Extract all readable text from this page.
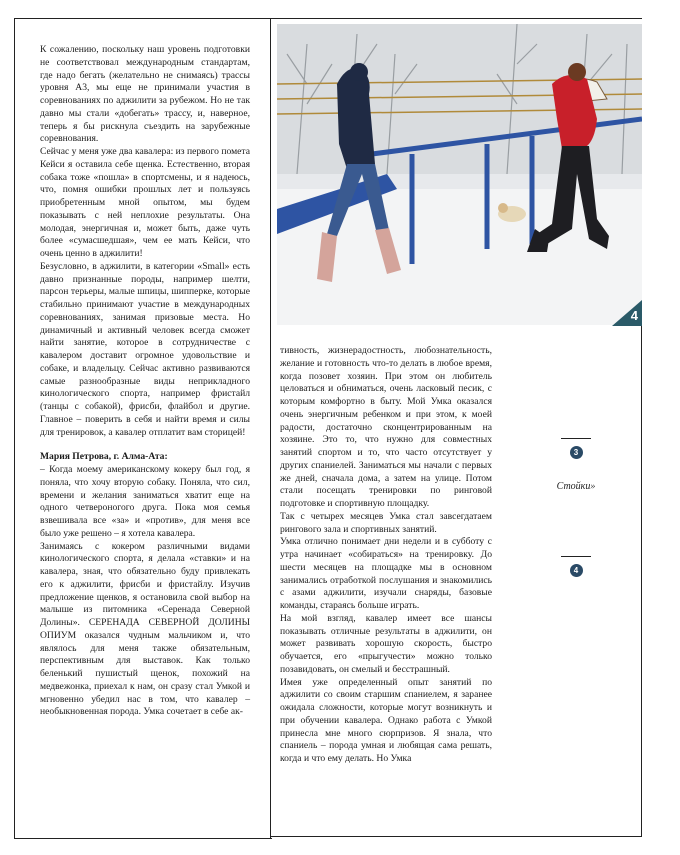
К сожалению, поскольку наш уровень подготовки не соответствовал международным стандартам, где надо бегать (желательно не снимаясь) трассы уровня А3, мы еще не принимали участия в соревнованиях по аджилити за рубежом. Но не так давно мы стали «добегать» трассу, и, наверное, теперь я бы рискнула съездить на зарубежные соревнования.

Сейчас у меня уже два кавалера: из первого помета Кейси я оставила себе щенка. Естественно, вторая собака тоже «пошла» в спортсмены, и я надеюсь, что, помня ошибки прошлых лет и пользуясь приобретенным мной опытом, мы будем показывать с ней неплохие результаты. Она молодая, энергичная и, может быть, даже чуть более «сумасшедшая», чем ее мать Кейси, что очень ценно в аджилити!

Безусловно, в аджилити, в категории «Small» есть давно признанные породы, например шелти, парсон терьеры, малые шпицы, шипперке, которые стабильно принимают участие в международных соревнованиях, занимая призовые места. Но динамичный и активный человек всегда сможет найти занятие, которое в сотрудничестве с кавалером доставит огромное удовольствие и собаке, и владельцу. Сейчас активно развиваются самые разнообразные виды неприкладного кинологического спорта, например фристайл (танцы с собакой), фрисби, флайбол и другие. Главное – поверить в себя и найти время и силы для тренировок, а кавалер отплатит вам сторицей!

Мария Петрова, г. Алма-Ата:

– Когда моему американскому кокеру был год, я поняла, что хочу вторую собаку. Поняла, что сил, времени и желания заниматься хватит еще на одного четвероногого друга. Пока моя семья взвешивала все «за» и «против», для меня все было уже решено – я хотела кавалера.

Занимаясь с кокером различными видами кинологического спорта, я делала «ставки» и на кавалера, зная, что обязательно буду привлекать его к аджилити, фрисби и фристайлу. Изучив предложение щенков, я остановила свой выбор на малыше из питомника «Серенада Северной Долины». СЕРЕНАДА СЕВЕРНОЙ ДОЛИНЫ ОПИУМ оказался чудным мальчиком и, что являлось для меня также обязательным, перспективным для выставок. Как только беленький пушистый щенок, похожий на медвежонка, приехал к нам, он сразу стал Умкой и мгновенно убедил нас в том, что кавалер – необыкновенная порода. Умка сочетает в себе ак-

4

тивность, жизнерадостность, любознательность, желание и готовность что-то делать в любое время, когда позовет хозяин. При этом он любитель целоваться и обниматься, очень ласковый песик, с которым комфортно в быту. Мой Умка оказался очень энергичным ребенком и при этом, к моей радости, достаточно сконцентрированным на хозяине. Это то, что нужно для совместных занятий спортом и то, что часто отсутствует у других спаниелей. Заниматься мы начали с первых же дней, сначала дома, а затем на улице. Потом стали посещать тренировки по ринговой подготовке и спортивную площадку.

Так с четырех месяцев Умка стал завсегдатаем рингового зала и спортивных занятий.

Умка отлично понимает дни недели и в субботу с утра начинает «собираться» на тренировку. До шести месяцев на площадке мы в основном занимались отработкой послушания и знакомились с азами аджилити, изучали снаряды, базовые команды, стараясь больше играть.

На мой взгляд, кавалер имеет все шансы показывать отличные результаты в аджилити, он может развивать хорошую скорость, быстро обучается, его «прыгучести» можно только позавидовать, он смелый и бесстрашный.

Имея уже определенный опыт занятий по аджилити со своим старшим спаниелем, я заранее ожидала сложности, которые могут возникнуть и при обучении кавалера. Однако работа с Умкой принесла мне много сюрпризов. Я знала, что спаниель – порода умная и любящая сама решать, когда и что ему делать. Но Умка

3
Стойки»
4
